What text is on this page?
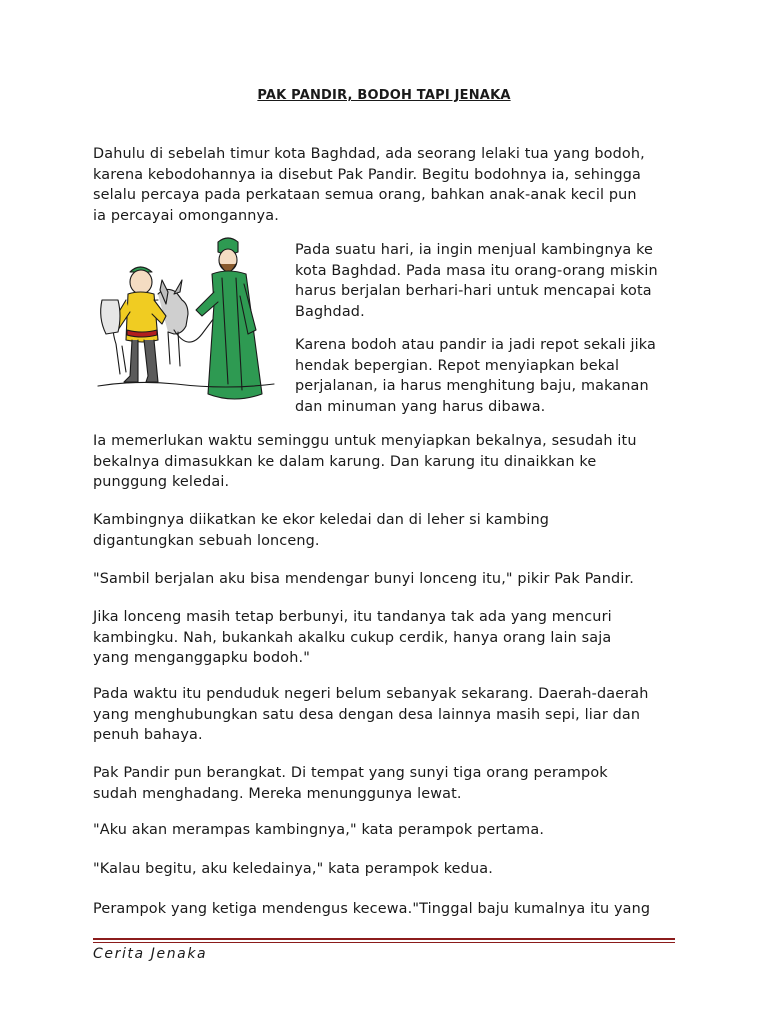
PAK PANDIR, BODOH TAPI JENAKA

Dahulu di sebelah timur kota Baghdad, ada seorang lelaki tua yang bodoh,
karena kebodohannya ia disebut Pak Pandir. Begitu bodohnya ia, sehingga
selalu percaya pada perkataan semua orang, bahkan anak-anak kecil pun
ia percayai omongannya.

Pada suatu hari, ia ingin menjual kambingnya ke
kota Baghdad. Pada masa itu orang-orang miskin
harus berjalan berhari-hari untuk mencapai kota
Baghdad.

Karena bodoh atau pandir ia jadi repot sekali jika
hendak bepergian. Repot menyiapkan bekal
perjalanan, ia harus menghitung baju, makanan
dan minuman yang harus dibawa.

Ia memerlukan waktu seminggu untuk menyiapkan bekalnya, sesudah itu
bekalnya dimasukkan ke dalam karung. Dan karung itu dinaikkan ke
punggung keledai.

Kambingnya diikatkan ke ekor keledai dan di leher si kambing
digantungkan sebuah lonceng.

"Sambil berjalan aku bisa mendengar bunyi lonceng itu," pikir Pak Pandir.

Jika lonceng masih tetap berbunyi, itu tandanya tak ada yang mencuri
kambingku. Nah, bukankah akalku cukup cerdik, hanya orang lain saja
yang menganggapku bodoh."

Pada waktu itu penduduk negeri belum sebanyak sekarang. Daerah-daerah
yang menghubungkan satu desa dengan desa lainnya masih sepi, liar dan
penuh bahaya.

Pak Pandir pun berangkat. Di tempat yang sunyi tiga orang perampok
sudah menghadang. Mereka menunggunya lewat.

"Aku akan merampas kambingnya," kata perampok pertama.

"Kalau begitu, aku keledainya," kata perampok kedua.

Perampok yang ketiga mendengus kecewa."Tinggal baju kumalnya itu yang

Cerita Jenaka
